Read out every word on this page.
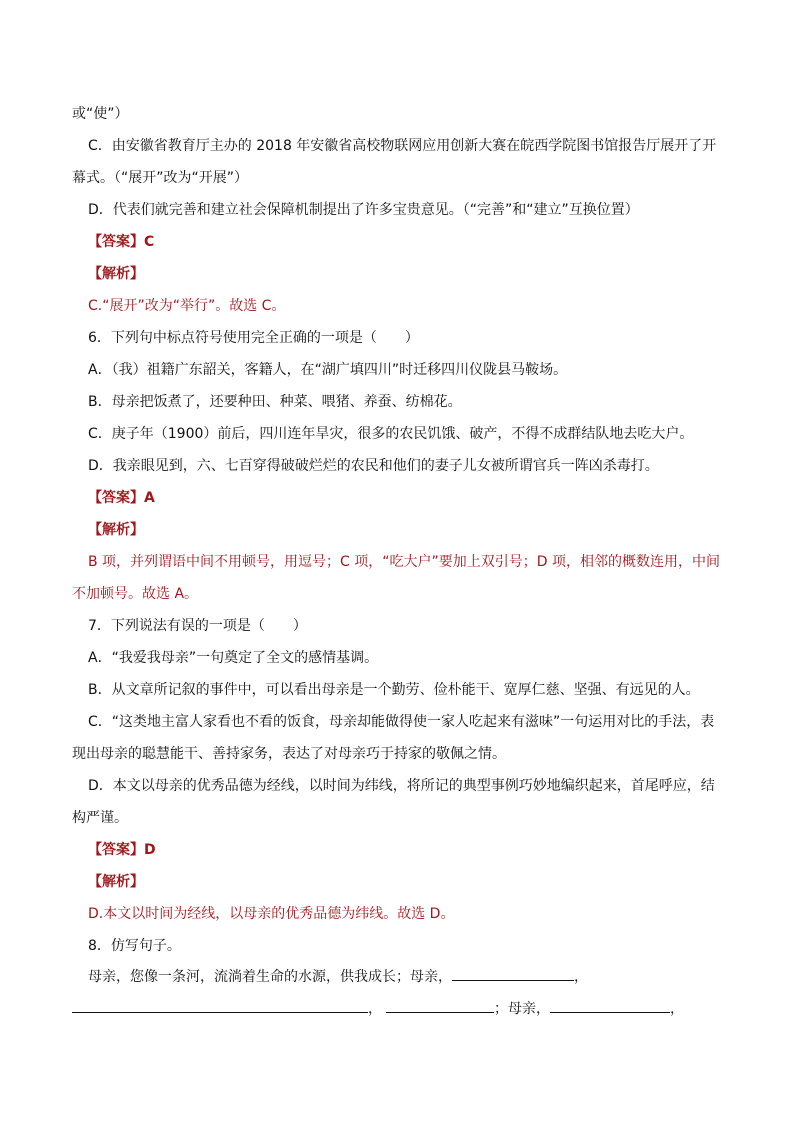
或“使”）
C．由安徽省教育厅主办的 2018 年安徽省高校物联网应用创新大赛在皖西学院图书馆报告厅展开了开
幕式。（“展开”改为“开展”）
D．代表们就完善和建立社会保障机制提出了许多宝贵意见。（“完善”和“建立”互换位置）
【答案】C
【解析】
C.“展开”改为“举行”。故选 C。
6．下列句中标点符号使用完全正确的一项是（　　）
A．（我）祖籍广东韶关，客籍人，在“湖广填四川”时迁移四川仪陇县马鞍场。
B．母亲把饭煮了，还要种田、种菜、喂猪、养蚕、纺棉花。
C．庚子年（1900）前后，四川连年旱灾，很多的农民饥饿、破产，不得不成群结队地去吃大户。
D．我亲眼见到，六、七百穿得破破烂烂的农民和他们的妻子儿女被所谓官兵一阵凶杀毒打。
【答案】A
【解析】
B 项，并列谓语中间不用顿号，用逗号；C 项，“吃大户”要加上双引号；D 项，相邻的概数连用，中间
不加顿号。故选 A。
7．下列说法有误的一项是（　　）
A．“我爱我母亲”一句奠定了全文的感情基调。
B．从文章所记叙的事件中，可以看出母亲是一个勤劳、俭朴能干、宽厚仁慈、坚强、有远见的人。
C．“这类地主富人家看也不看的饭食，母亲却能做得使一家人吃起来有滋味”一句运用对比的手法，表
现出母亲的聪慧能干、善持家务，表达了对母亲巧于持家的敬佩之情。
D．本文以母亲的优秀品德为经线，以时间为纬线，将所记的典型事例巧妙地编织起来，首尾呼应，结
构严谨。
【答案】D
【解析】
D.本文以时间为经线，以母亲的优秀品德为纬线。故选 D。
8．仿写句子。
母亲，您像一条河，流淌着生命的水源，供我成长；母亲，	，
，	；母亲，	，
